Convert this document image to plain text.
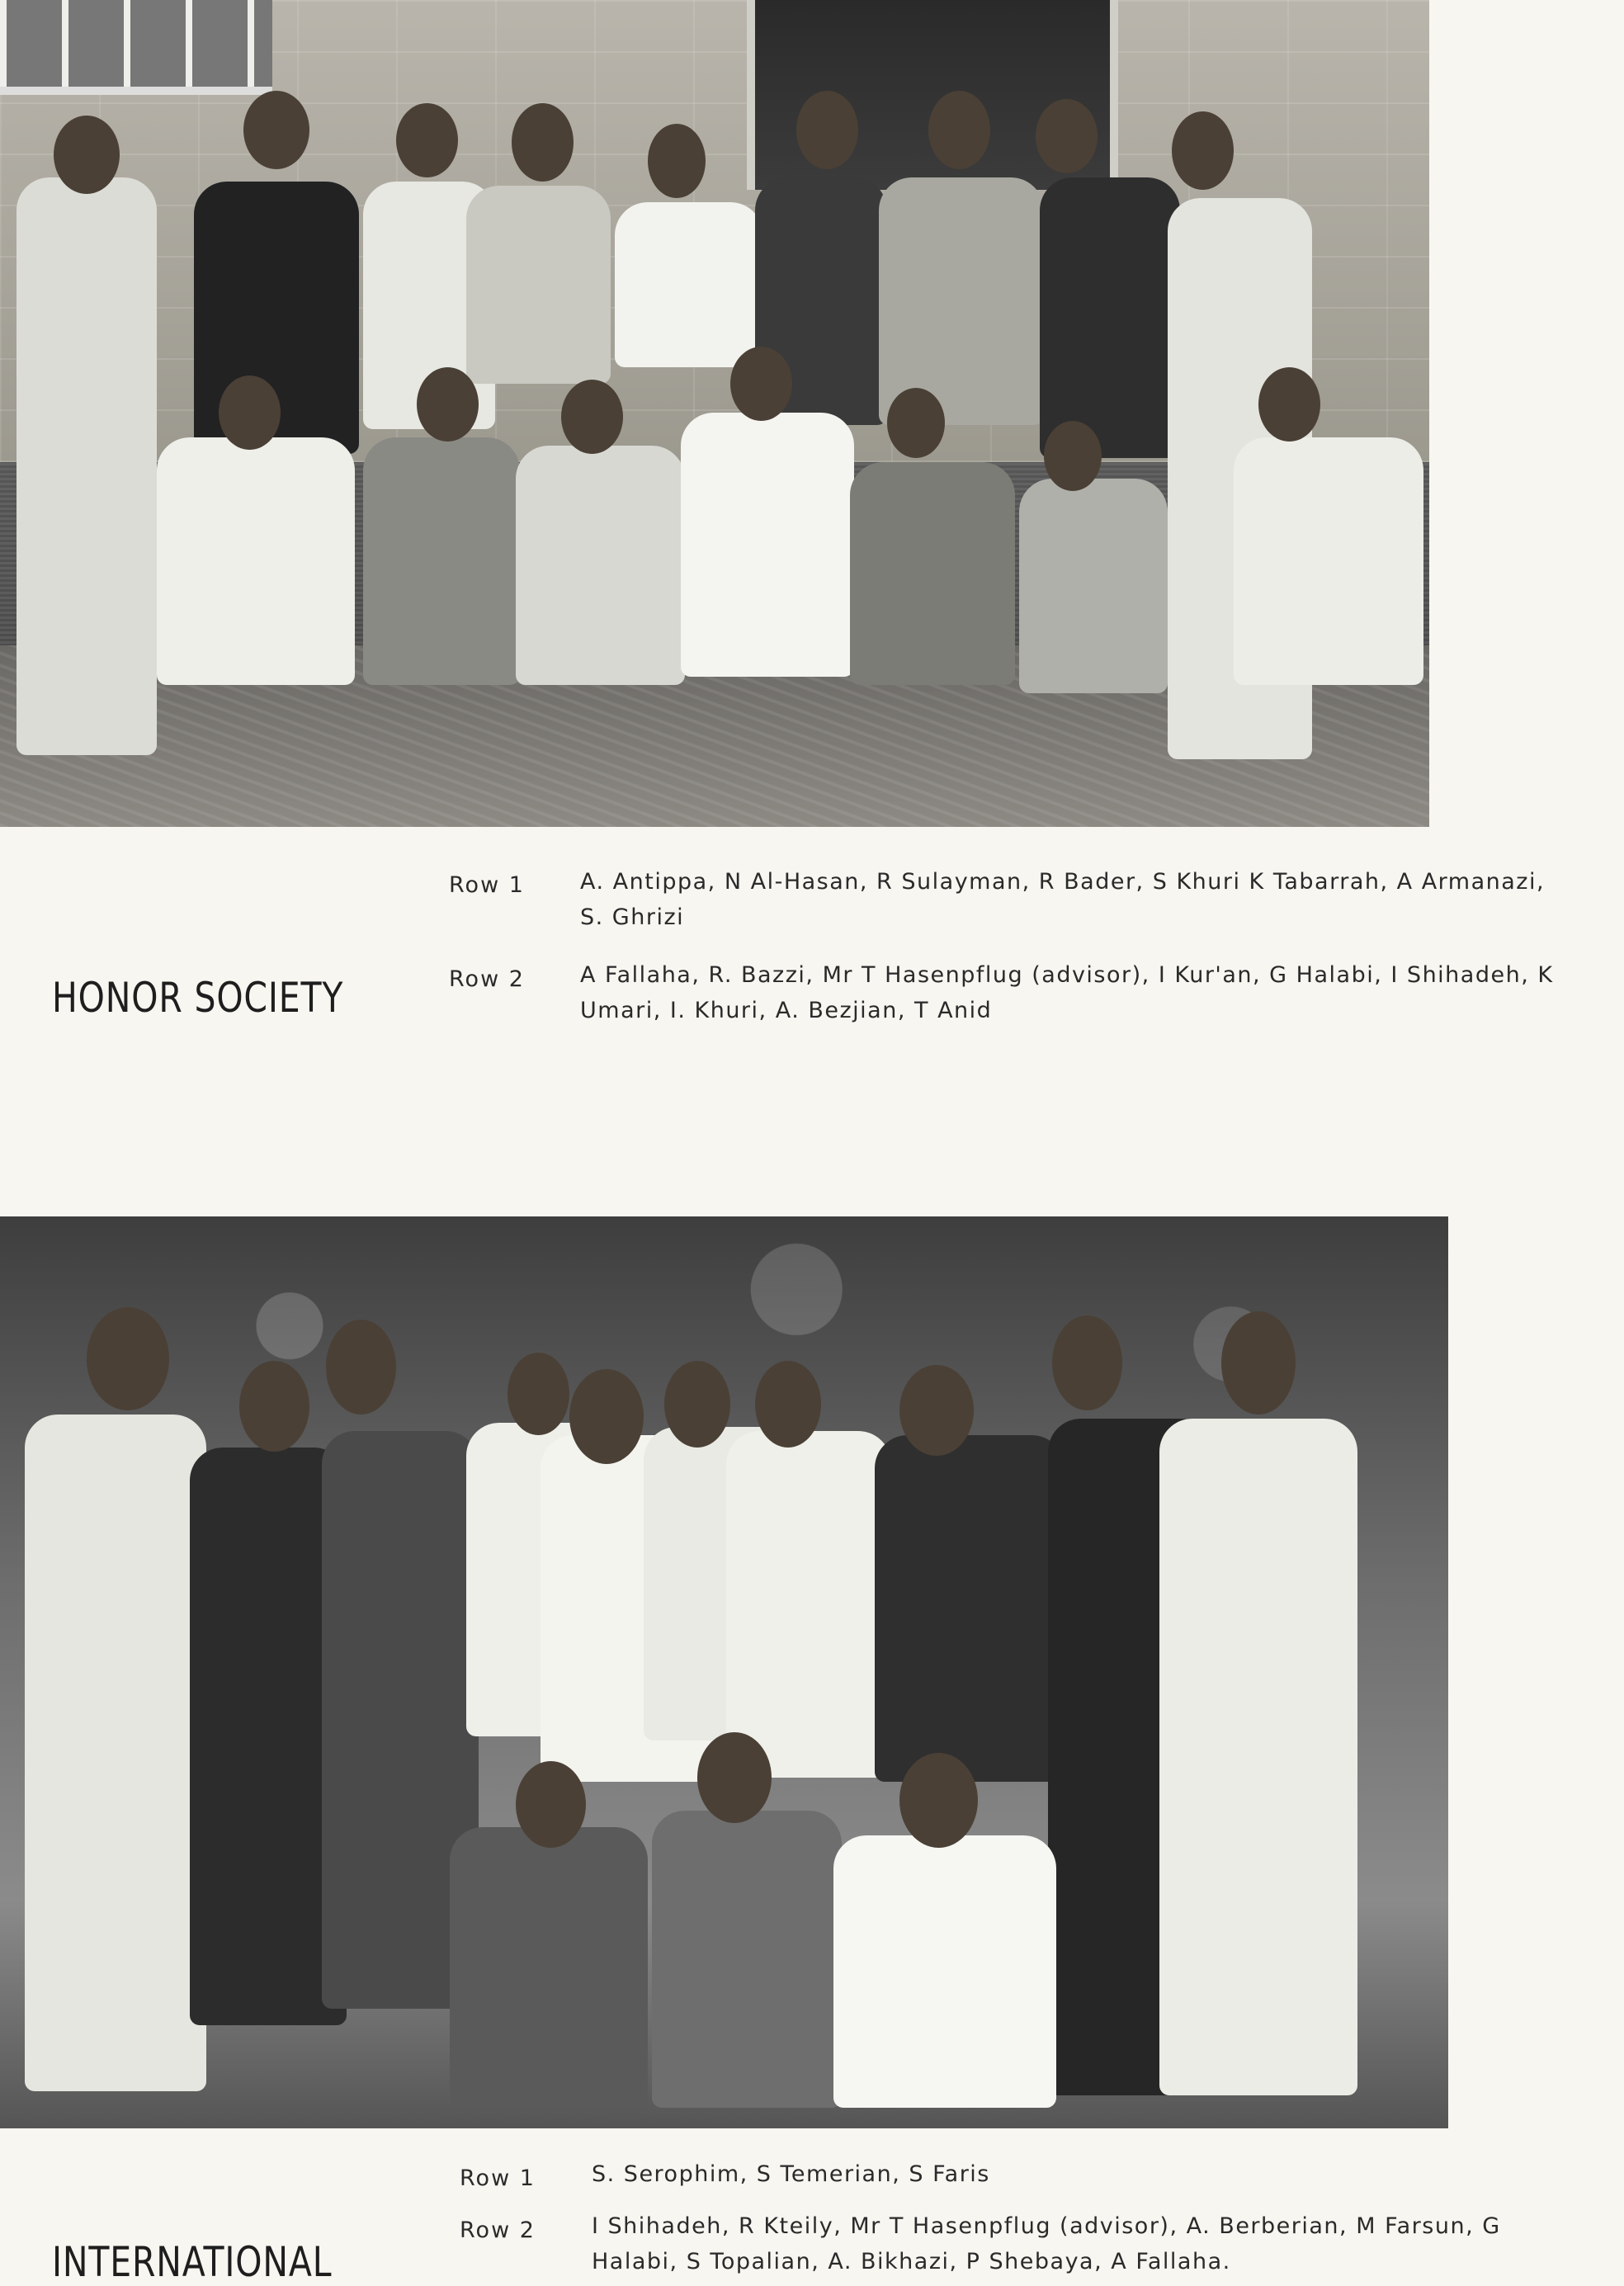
Row 1 A. Antippa, N Al-Hasan, R Sulayman, R Bader, S Khuri K Tabarrah, A Armanazi, S. Ghrizi
Row 2 A Fallaha, R. Bazzi, Mr T Hasenpflug (advisor), I Kur'an, G Halabi, I Shihadeh, K Umari, I. Khuri, A. Bezjian, T Anid
HONOR SOCIETY
Row 1	S. Serophim, S Temerian, S Faris
Row 2	I Shihadeh, R Kteily, Mr T Hasenpflug (advisor), A. Berberian, M Farsun, G Halabi, S Topalian, A. Bikhazi, P Shebaya, A Fallaha.
INTERNATIONAL
